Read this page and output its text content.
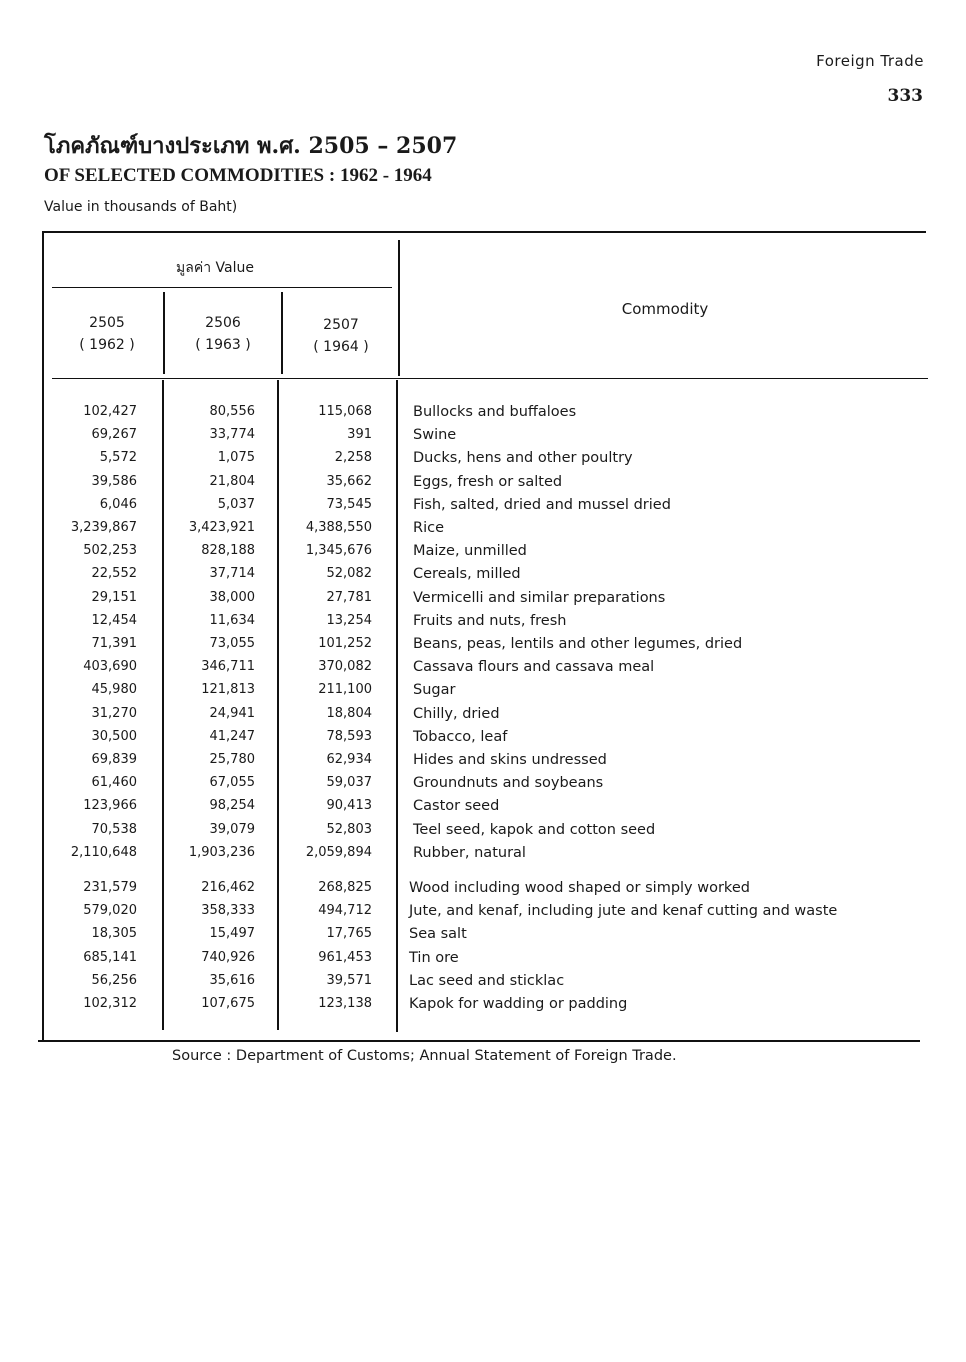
Foreign Trade
333
โภคภัณฑ์บางประเภท พ.ศ. 2505 – 2507
OF SELECTED COMMODITIES : 1962 - 1964
Value in thousands of Baht)
มูลค่า Value
Commodity
2505
( 1962 )
2506
( 1963 )
2507
( 1964 )
102,427	80,556	115,068	Bullocks and buffaloes
69,267	33,774	391	Swine
5,572	1,075	2,258	Ducks, hens and other poultry
39,586	21,804	35,662	Eggs, fresh or salted
6,046	5,037	73,545	Fish, salted, dried and mussel dried
3,239,867	3,423,921	4,388,550	Rice
502,253	828,188	1,345,676	Maize, unmilled
22,552	37,714	52,082	Cereals, milled
29,151	38,000	27,781	Vermicelli and similar preparations
12,454	11,634	13,254	Fruits and nuts, fresh
71,391	73,055	101,252	Beans, peas, lentils and other legumes, dried
403,690	346,711	370,082	Cassava flours and cassava meal
45,980	121,813	211,100	Sugar
31,270	24,941	18,804	Chilly, dried
30,500	41,247	78,593	Tobacco, leaf
69,839	25,780	62,934	Hides and skins undressed
61,460	67,055	59,037	Groundnuts and soybeans
123,966	98,254	90,413	Castor seed
70,538	39,079	52,803	Teel seed, kapok and cotton seed
2,110,648	1,903,236	2,059,894	Rubber, natural
231,579	216,462	268,825	Wood including wood shaped or simply worked
579,020	358,333	494,712	Jute, and kenaf, including jute and kenaf cutting and waste
18,305	15,497	17,765	Sea salt
685,141	740,926	961,453	Tin ore
56,256	35,616	39,571	Lac seed and sticklac
102,312	107,675	123,138	Kapok for wadding or padding
Source : Department of Customs; Annual Statement of Foreign Trade.
